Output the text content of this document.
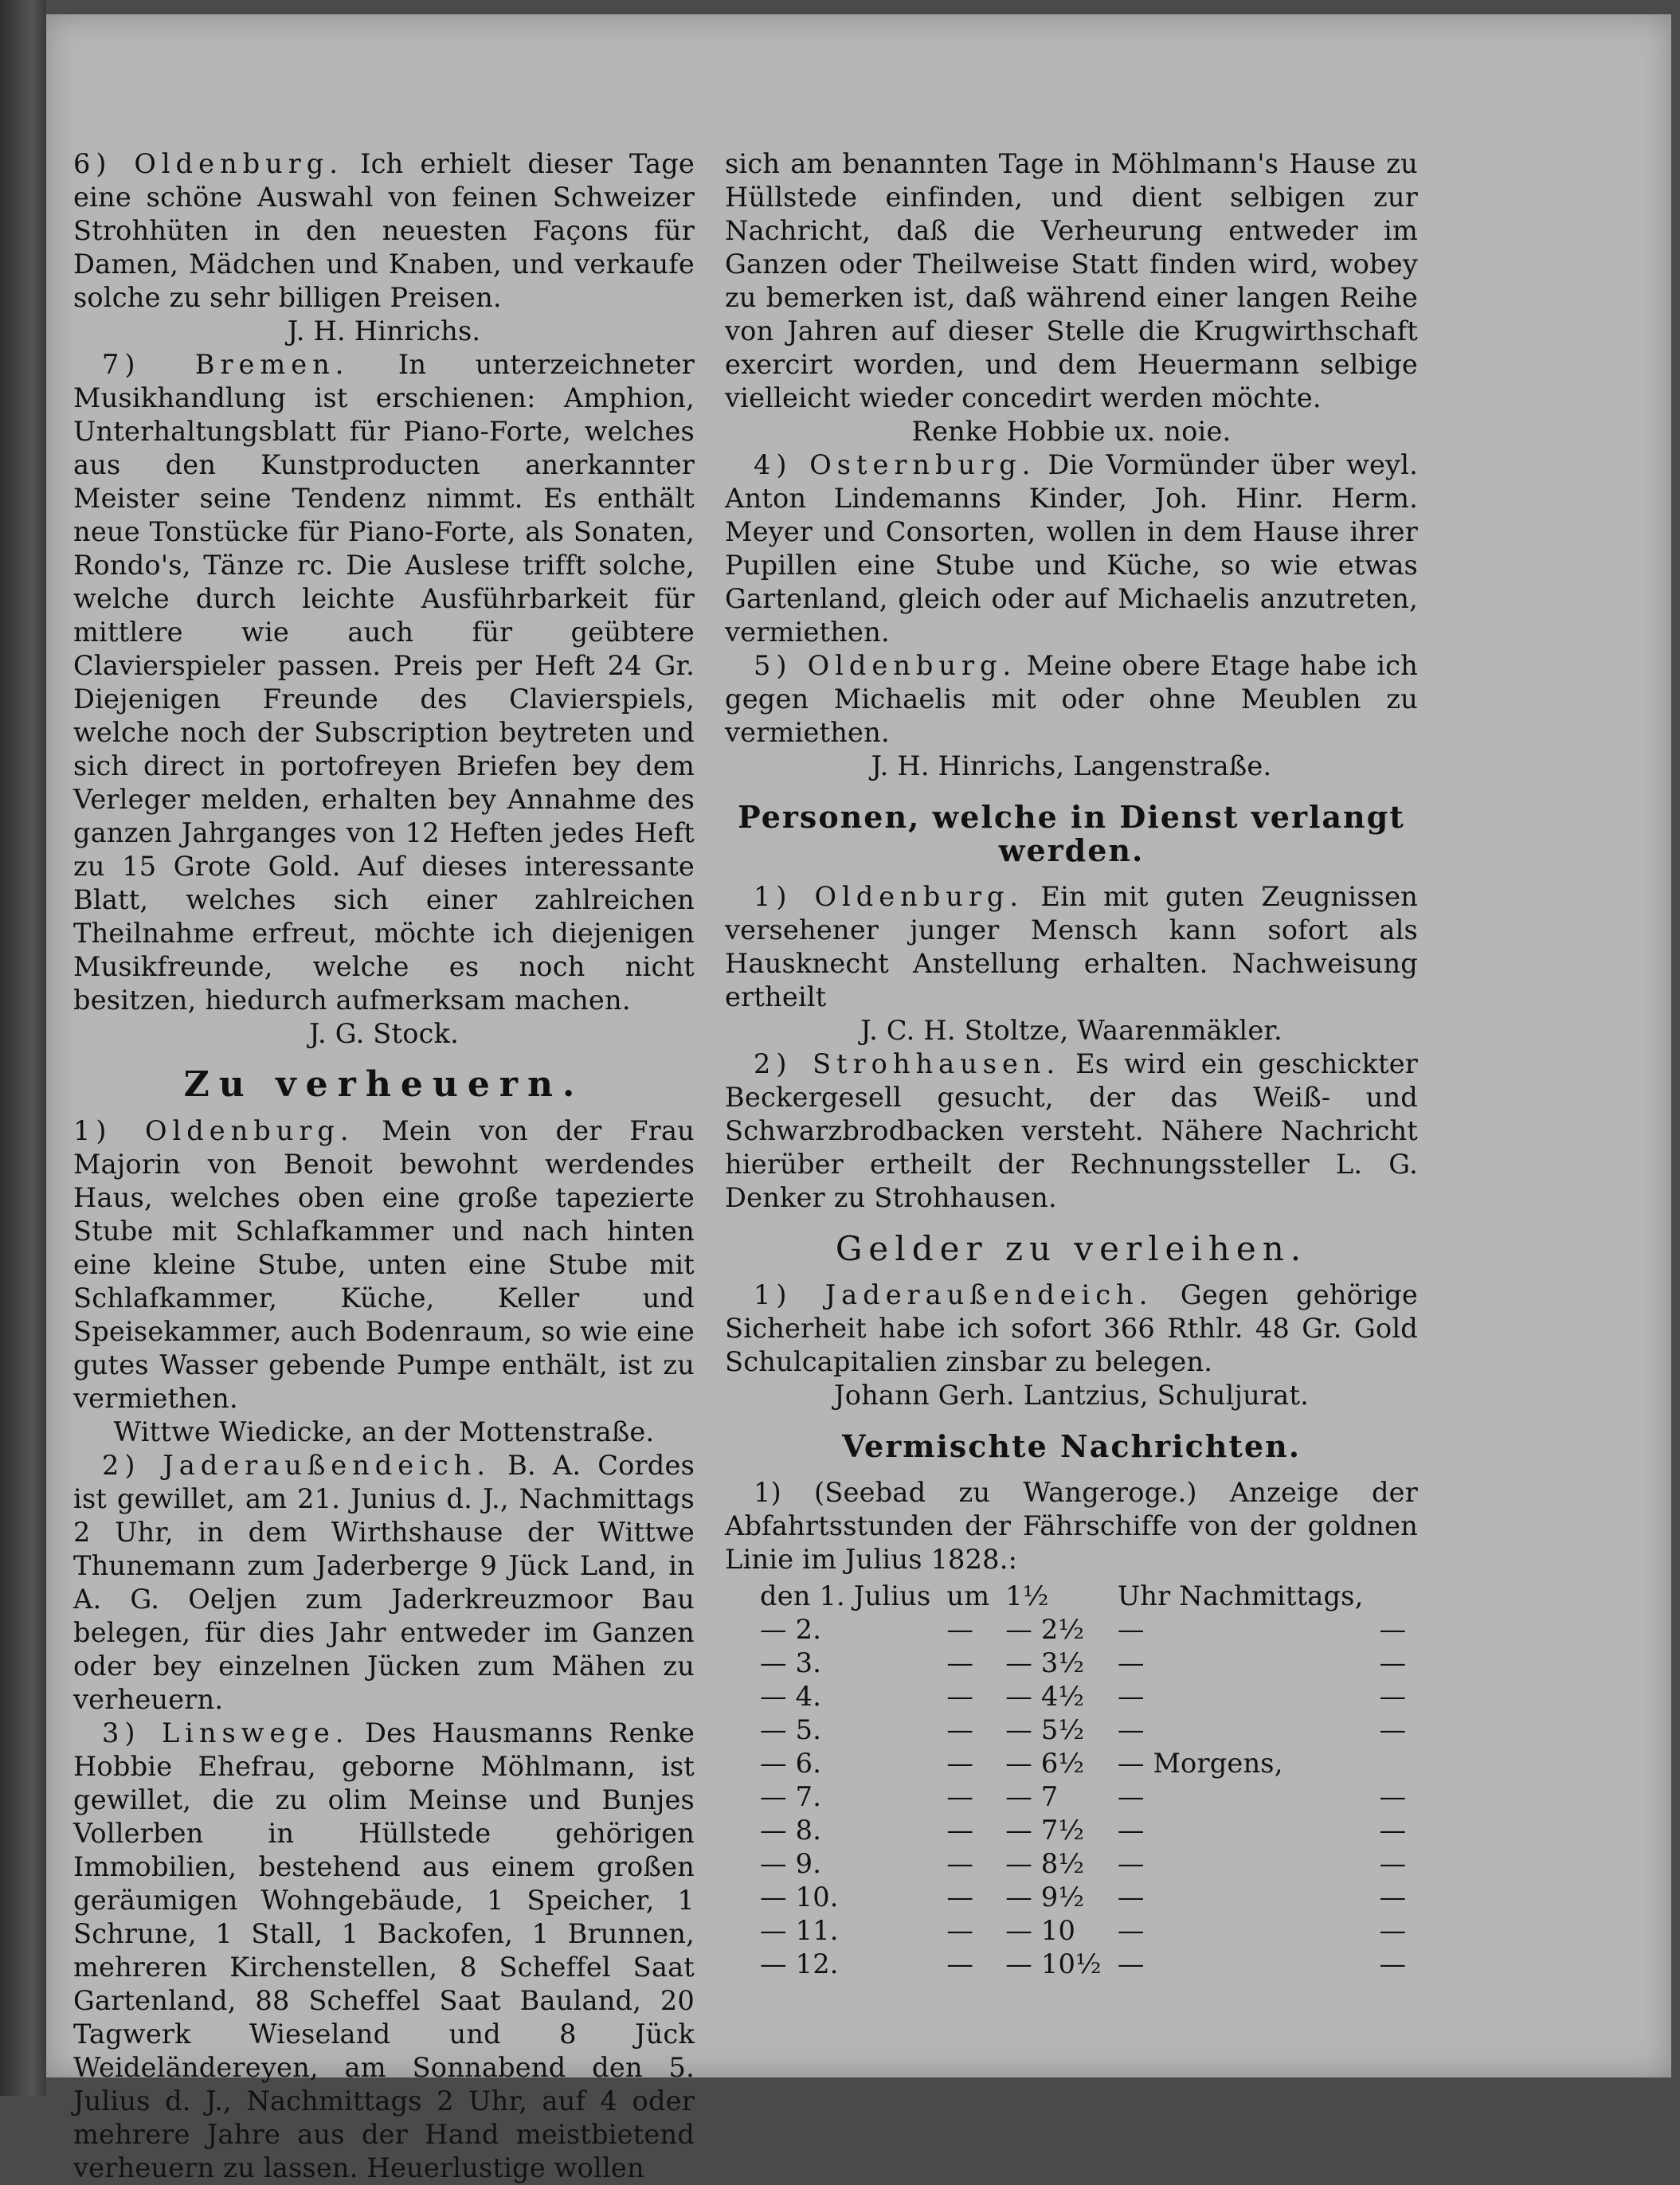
6) Oldenburg. Ich erhielt dieser Tage eine schöne Auswahl von feinen Schweizer Strohhüten in den neuesten Façons für Damen, Mädchen und Knaben, und verkaufe solche zu sehr billigen Preisen.

J. H. Hinrichs.

7) Bremen. In unterzeichneter Musikhandlung ist erschienen: Amphion, Unterhaltungsblatt für Piano-Forte, welches aus den Kunstproducten anerkannter Meister seine Tendenz nimmt. Es enthält neue Tonstücke für Piano-Forte, als Sonaten, Rondo's, Tänze rc. Die Auslese trifft solche, welche durch leichte Ausführbarkeit für mittlere wie auch für geübtere Clavierspieler passen. Preis per Heft 24 Gr. Diejenigen Freunde des Clavierspiels, welche noch der Subscription beytreten und sich direct in portofreyen Briefen bey dem Verleger melden, erhalten bey Annahme des ganzen Jahrganges von 12 Heften jedes Heft zu 15 Grote Gold. Auf dieses interessante Blatt, welches sich einer zahlreichen Theilnahme erfreut, möchte ich diejenigen Musikfreunde, welche es noch nicht besitzen, hiedurch aufmerksam machen.

J. G. Stock.

Zu verheuern.

1) Oldenburg. Mein von der Frau Majorin von Benoit bewohnt werdendes Haus, welches oben eine große tapezierte Stube mit Schlafkammer und nach hinten eine kleine Stube, unten eine Stube mit Schlafkammer, Küche, Keller und Speisekammer, auch Bodenraum, so wie eine gutes Wasser gebende Pumpe enthält, ist zu vermiethen.

Wittwe Wiedicke, an der Mottenstraße.

2) Jaderaußendeich. B. A. Cordes ist gewillet, am 21. Junius d. J., Nachmittags 2 Uhr, in dem Wirthshause der Wittwe Thunemann zum Jaderberge 9 Jück Land, in A. G. Oeljen zum Jaderkreuzmoor Bau belegen, für dies Jahr entweder im Ganzen oder bey einzelnen Jücken zum Mähen zu verheuern.

3) Linswege. Des Hausmanns Renke Hobbie Ehefrau, geborne Möhlmann, ist gewillet, die zu olim Meinse und Bunjes Vollerben in Hüllstede gehörigen Immobilien, bestehend aus einem großen geräumigen Wohngebäude, 1 Speicher, 1 Schrune, 1 Stall, 1 Backofen, 1 Brunnen, mehreren Kirchenstellen, 8 Scheffel Saat Gartenland, 88 Scheffel Saat Bauland, 20 Tagwerk Wieseland und 8 Jück Weideländereyen, am Sonnabend den 5. Julius d. J., Nachmittags 2 Uhr, auf 4 oder mehrere Jahre aus der Hand meistbietend verheuern zu lassen. Heuerlustige wollen

sich am benannten Tage in Möhlmann's Hause zu Hüllstede einfinden, und dient selbigen zur Nachricht, daß die Verheurung entweder im Ganzen oder Theilweise Statt finden wird, wobey zu bemerken ist, daß während einer langen Reihe von Jahren auf dieser Stelle die Krugwirthschaft exercirt worden, und dem Heuermann selbige vielleicht wieder concedirt werden möchte.

Renke Hobbie ux. noie.

4) Osternburg. Die Vormünder über weyl. Anton Lindemanns Kinder, Joh. Hinr. Herm. Meyer und Consorten, wollen in dem Hause ihrer Pupillen eine Stube und Küche, so wie etwas Gartenland, gleich oder auf Michaelis anzutreten, vermiethen.

5) Oldenburg. Meine obere Etage habe ich gegen Michaelis mit oder ohne Meublen zu vermiethen.

J. H. Hinrichs, Langenstraße.

Personen, welche in Dienst verlangt werden.

1) Oldenburg. Ein mit guten Zeugnissen versehener junger Mensch kann sofort als Hausknecht Anstellung erhalten. Nachweisung ertheilt

J. C. H. Stoltze, Waarenmäkler.

2) Strohhausen. Es wird ein geschickter Beckergesell gesucht, der das Weiß- und Schwarzbrodbacken versteht. Nähere Nachricht hierüber ertheilt der Rechnungssteller L. G. Denker zu Strohhausen.

Gelder zu verleihen.

1) Jaderaußendeich. Gegen gehörige Sicherheit habe ich sofort 366 Rthlr. 48 Gr. Gold Schulcapitalien zinsbar zu belegen.

Johann Gerh. Lantzius, Schuljurat.

Vermischte Nachrichten.

1) (Seebad zu Wangeroge.) Anzeige der Abfahrtsstunden der Fährschiffe von der goldnen Linie im Julius 1828.:

den 1. Julius	um	1½	Uhr Nachmittags,	
— 2.	—	— 2½	—	—
— 3.	—	— 3½	—	—
— 4.	—	— 4½	—	—
— 5.	—	— 5½	—	—
— 6.	—	— 6½	— Morgens,	
— 7.	—	— 7	—	—
— 8.	—	— 7½	—	—
— 9.	—	— 8½	—	—
— 10.	—	— 9½	—	—
— 11.	—	— 10	—	—
— 12.	—	— 10½	—	—
